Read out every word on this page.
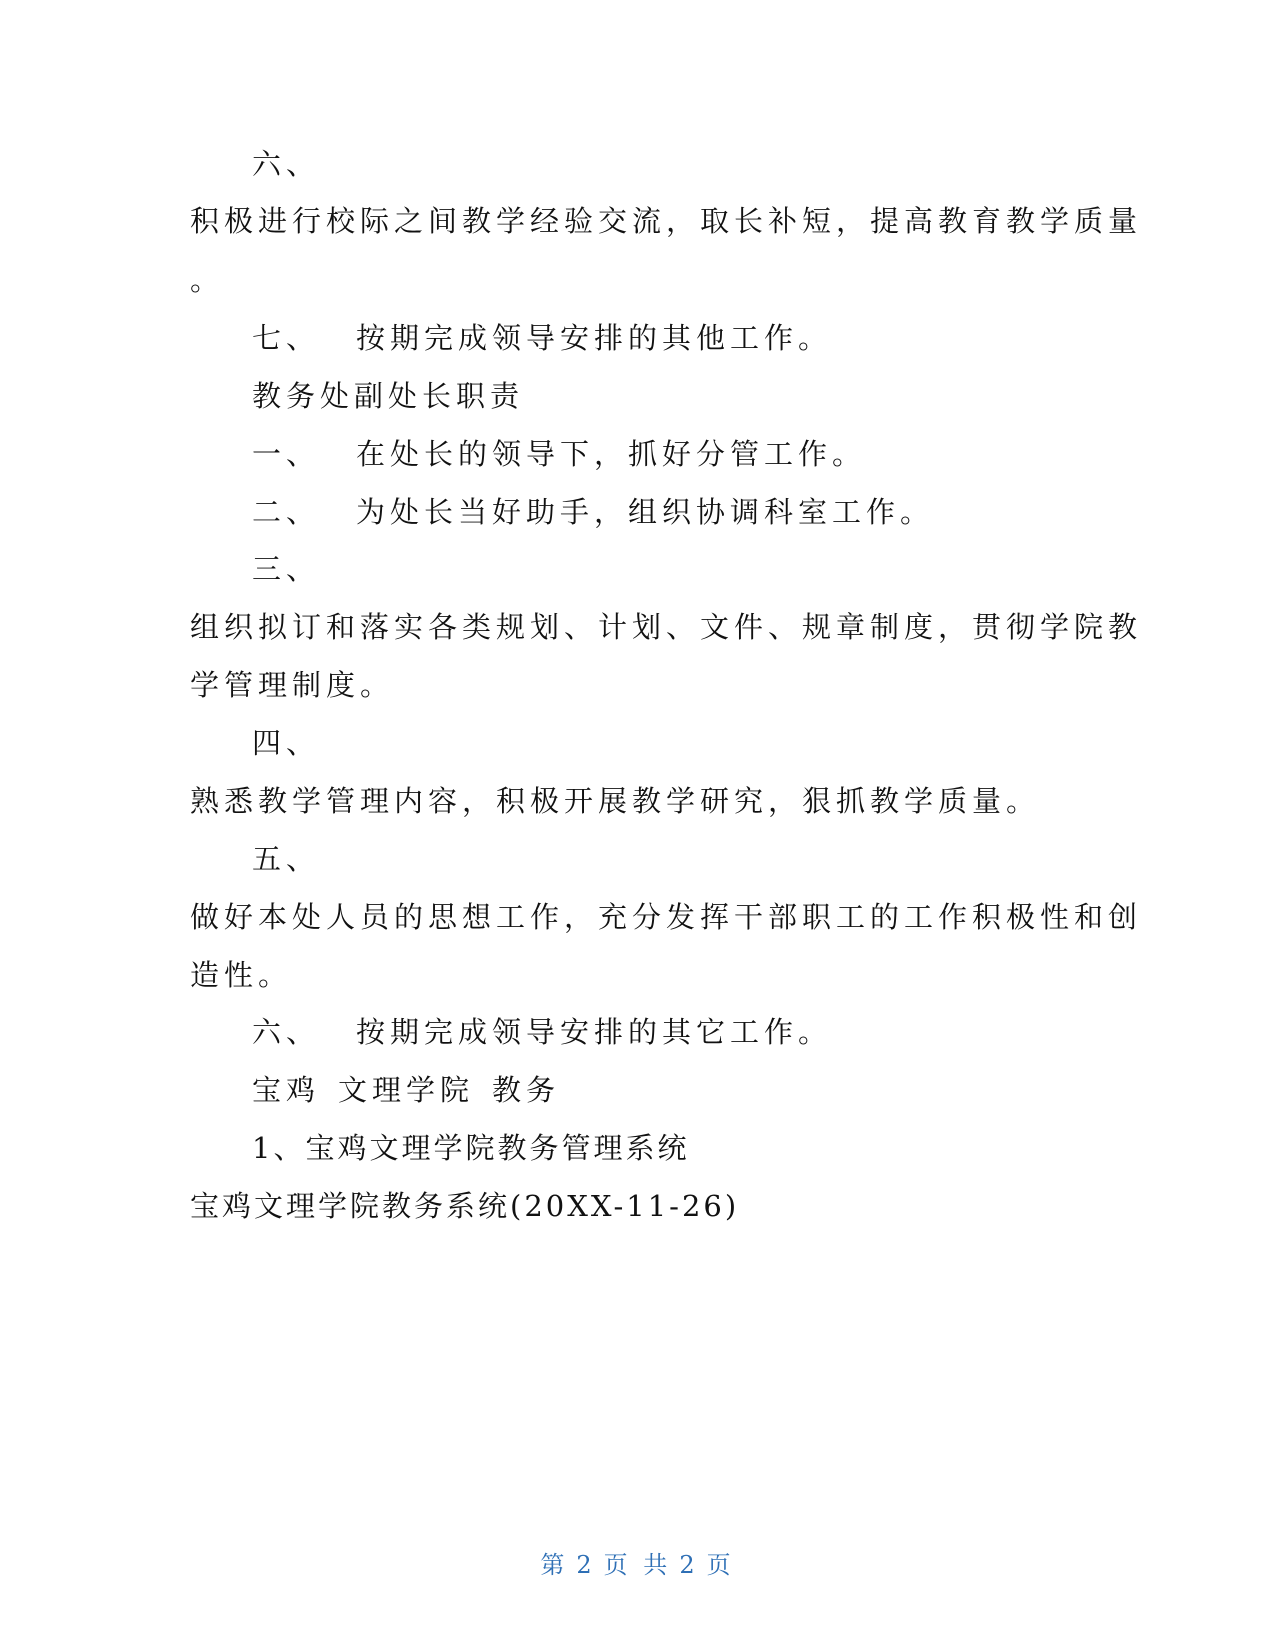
六、
积极进行校际之间教学经验交流，取长补短，提高教育教学质量
。
七、 按期完成领导安排的其他工作。
教务处副处长职责
一、 在处长的领导下，抓好分管工作。
二、 为处长当好助手，组织协调科室工作。
三、
组织拟订和落实各类规划、计划、文件、规章制度，贯彻学院教
学管理制度。
四、
熟悉教学管理内容，积极开展教学研究，狠抓教学质量。
五、
做好本处人员的思想工作，充分发挥干部职工的工作积极性和创
造性。
六、 按期完成领导安排的其它工作。
宝鸡 文理学院 教务
1、宝鸡文理学院教务管理系统
宝鸡文理学院教务系统(20XX-11-26)
第 2 页 共 2 页
